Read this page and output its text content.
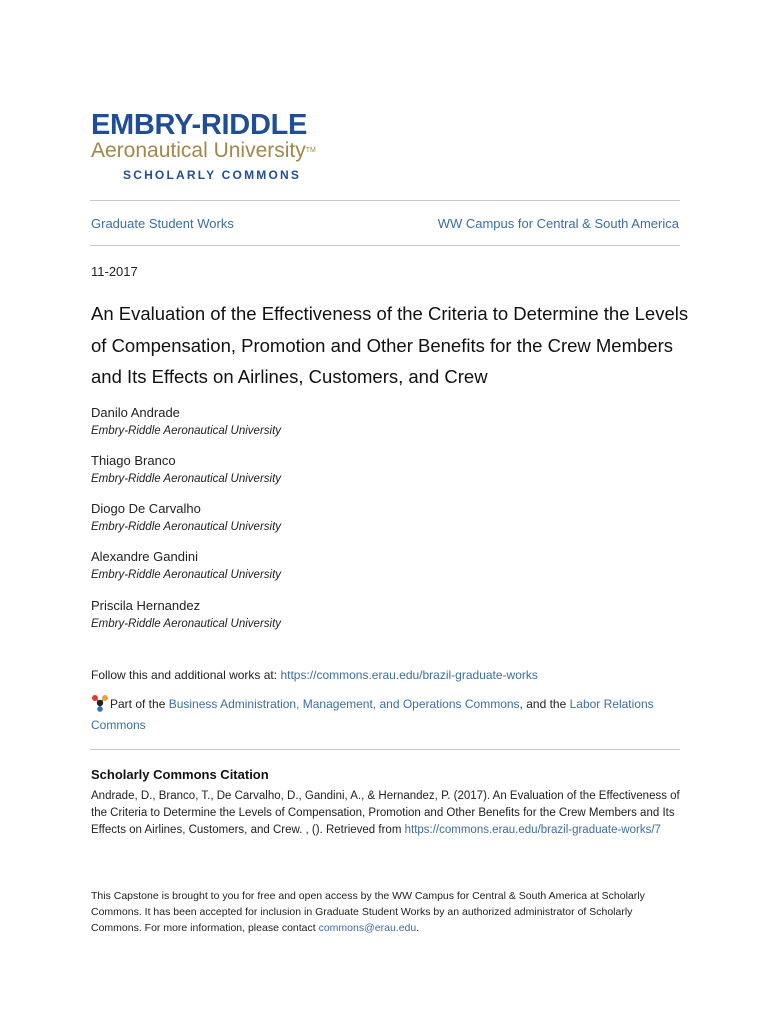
EMBRY-RIDDLE
Aeronautical University™
SCHOLARLY COMMONS
Graduate Student Works	WW Campus for Central & South America
11-2017
An Evaluation of the Effectiveness of the Criteria to Determine the Levels of Compensation, Promotion and Other Benefits for the Crew Members and Its Effects on Airlines, Customers, and Crew
Danilo Andrade
Embry-Riddle Aeronautical University
Thiago Branco
Embry-Riddle Aeronautical University
Diogo De Carvalho
Embry-Riddle Aeronautical University
Alexandre Gandini
Embry-Riddle Aeronautical University
Priscila Hernandez
Embry-Riddle Aeronautical University
Follow this and additional works at: https://commons.erau.edu/brazil-graduate-works
Part of the Business Administration, Management, and Operations Commons, and the Labor Relations Commons
Scholarly Commons Citation
Andrade, D., Branco, T., De Carvalho, D., Gandini, A., & Hernandez, P. (2017). An Evaluation of the Effectiveness of the Criteria to Determine the Levels of Compensation, Promotion and Other Benefits for the Crew Members and Its Effects on Airlines, Customers, and Crew. , (). Retrieved from https://commons.erau.edu/brazil-graduate-works/7
This Capstone is brought to you for free and open access by the WW Campus for Central & South America at Scholarly Commons. It has been accepted for inclusion in Graduate Student Works by an authorized administrator of Scholarly Commons. For more information, please contact commons@erau.edu.
